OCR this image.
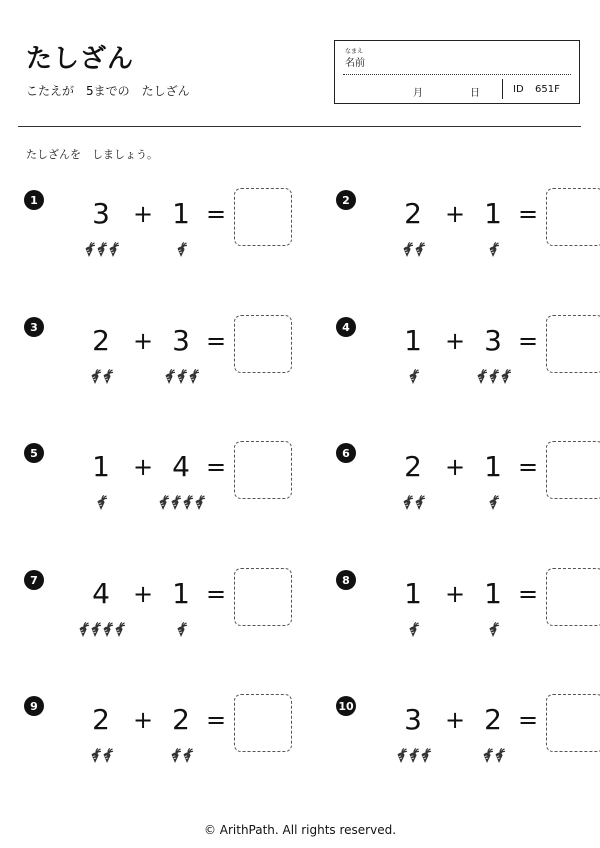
たしざん
こたえが　5までの　たしざん
なまえ
名前
月	日	ID 651F
たしざんを　しましょう。
1 3 + 1 =	2 2 + 1 =
3 2 + 3 =	4 1 + 3 =
5 1 + 4 =	6 2 + 1 =
7 4 + 1 =	8 1 + 1 =
9 2 + 2 =	10 3 + 2 =
© ArithPath. All rights reserved.
